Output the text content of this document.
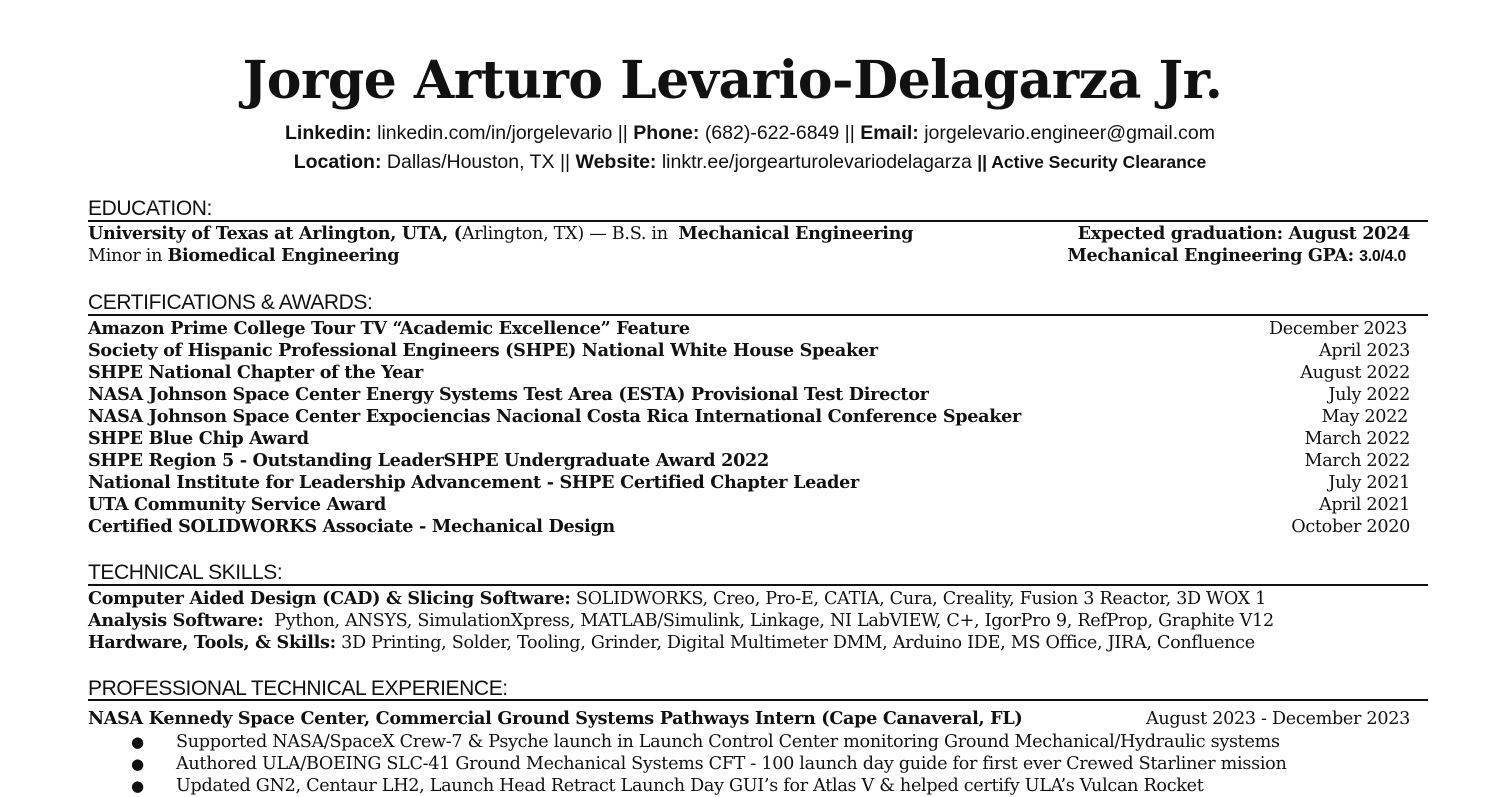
Jorge Arturo Levario-Delagarza Jr.
Linkedin: linkedin.com/in/jorgelevario || Phone: (682)-622-6849 || Email: jorgelevario.engineer@gmail.com
Location: Dallas/Houston, TX || Website: linktr.ee/jorgearturolevariodelagarza || Active Security Clearance
EDUCATION:
University of Texas at Arlington, UTA, (Arlington, TX) — B.S. in Mechanical Engineering	Expected graduation: August 2024
Minor in Biomedical Engineering	Mechanical Engineering GPA: 3.0/4.0
CERTIFICATIONS & AWARDS:
Amazon Prime College Tour TV “Academic Excellence” Feature	December 2023
Society of Hispanic Professional Engineers (SHPE) National White House Speaker	April 2023
SHPE National Chapter of the Year	August 2022
NASA Johnson Space Center Energy Systems Test Area (ESTA) Provisional Test Director	July 2022
NASA Johnson Space Center Expociencias Nacional Costa Rica International Conference Speaker	May 2022
SHPE Blue Chip Award	March 2022
SHPE Region 5 - Outstanding LeaderSHPE Undergraduate Award 2022	March 2022
National Institute for Leadership Advancement - SHPE Certified Chapter Leader	July 2021
UTA Community Service Award	April 2021
Certified SOLIDWORKS Associate - Mechanical Design	October 2020
TECHNICAL SKILLS:
Computer Aided Design (CAD) & Slicing Software: SOLIDWORKS, Creo, Pro-E, CATIA, Cura, Creality, Fusion 3 Reactor, 3D WOX 1
Analysis Software:  Python, ANSYS, SimulationXpress, MATLAB/Simulink, Linkage, NI LabVIEW, C+, IgorPro 9, RefProp, Graphite V12
Hardware, Tools, & Skills: 3D Printing, Solder, Tooling, Grinder, Digital Multimeter DMM, Arduino IDE, MS Office, JIRA, Confluence
PROFESSIONAL TECHNICAL EXPERIENCE:
NASA Kennedy Space Center, Commercial Ground Systems Pathways Intern (Cape Canaveral, FL)	August 2023 - December 2023
● Supported NASA/SpaceX Crew-7 & Psyche launch in Launch Control Center monitoring Ground Mechanical/Hydraulic systems
● Authored ULA/BOEING SLC-41 Ground Mechanical Systems CFT - 100 launch day guide for first ever Crewed Starliner mission
● Updated GN2, Centaur LH2, Launch Head Retract Launch Day GUI’s for Atlas V & helped certify ULA’s Vulcan Rocket
